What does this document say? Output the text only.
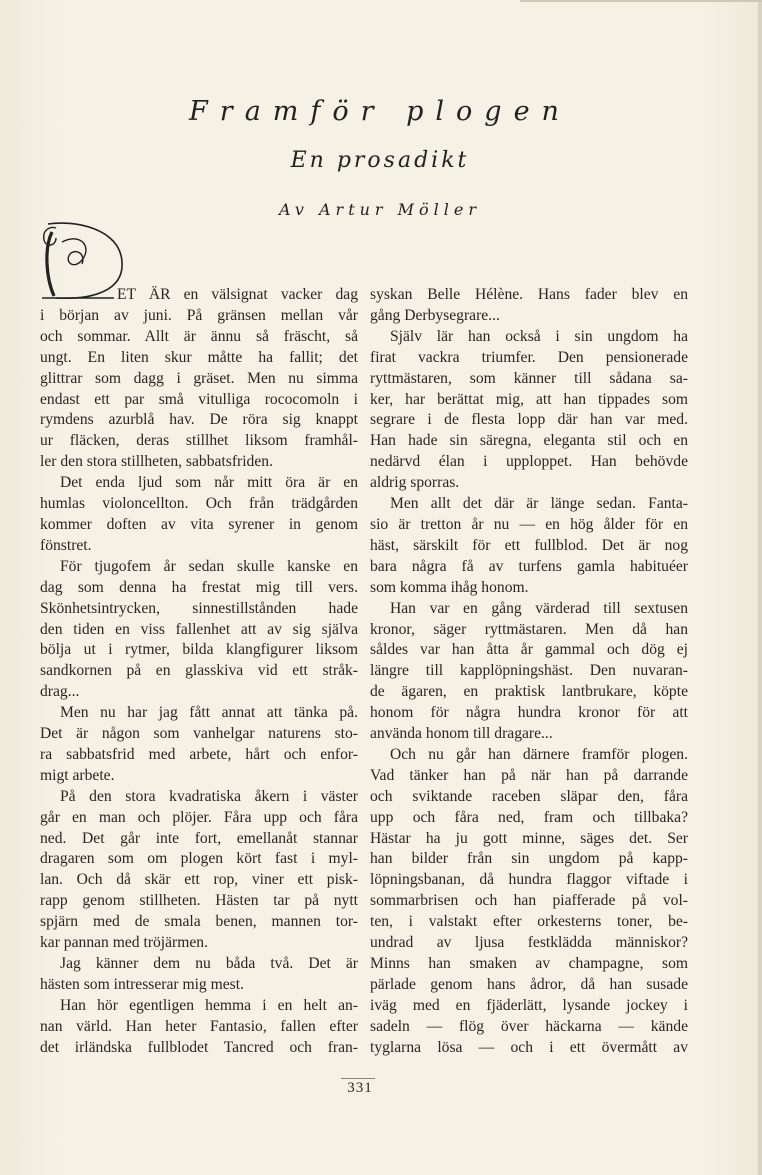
Framför plogen
En prosadikt
Av Artur Möller
ET ÄR en välsignat vacker dag
i början av juni. På gränsen mellan vår
och sommar. Allt är ännu så fräscht, så
ungt. En liten skur måtte ha fallit; det
glittrar som dagg i gräset. Men nu simma
endast ett par små vitulliga rococomoln i
rymdens azurblå hav. De röra sig knappt
ur fläcken, deras stillhet liksom framhål-
ler den stora stillheten, sabbatsfriden.
Det enda ljud som når mitt öra är en
humlas violoncellton. Och från trädgården
kommer doften av vita syrener in genom
fönstret.
För tjugofem år sedan skulle kanske en
dag som denna ha frestat mig till vers.
Skönhetsintrycken, sinnestillstånden hade
den tiden en viss fallenhet att av sig själva
bölja ut i rytmer, bilda klangfigurer liksom
sandkornen på en glasskiva vid ett stråk-
drag...
Men nu har jag fått annat att tänka på.
Det är någon som vanhelgar naturens sto-
ra sabbatsfrid med arbete, hårt och enfor-
migt arbete.
På den stora kvadratiska åkern i väster
går en man och plöjer. Fåra upp och fåra
ned. Det går inte fort, emellanåt stannar
dragaren som om plogen kört fast i myl-
lan. Och då skär ett rop, viner ett pisk-
rapp genom stillheten. Hästen tar på nytt
spjärn med de smala benen, mannen tor-
kar pannan med tröjärmen.
Jag känner dem nu båda två. Det är
hästen som intresserar mig mest.
Han hör egentligen hemma i en helt an-
nan värld. Han heter Fantasio, fallen efter
det irländska fullblodet Tancred och fran-
syskan Belle Hélène. Hans fader blev en
gång Derbysegrare...
Själv lär han också i sin ungdom ha
firat vackra triumfer. Den pensionerade
ryttmästaren, som känner till sådana sa-
ker, har berättat mig, att han tippades som
segrare i de flesta lopp där han var med.
Han hade sin säregna, eleganta stil och en
nedärvd élan i upploppet. Han behövde
aldrig sporras.
Men allt det där är länge sedan. Fanta-
sio är tretton år nu — en hög ålder för en
häst, särskilt för ett fullblod. Det är nog
bara några få av turfens gamla habituéer
som komma ihåg honom.
Han var en gång värderad till sextusen
kronor, säger ryttmästaren. Men då han
såldes var han åtta år gammal och dög ej
längre till kapplöpningshäst. Den nuvaran-
de ägaren, en praktisk lantbrukare, köpte
honom för några hundra kronor för att
använda honom till dragare...
Och nu går han därnere framför plogen.
Vad tänker han på när han på darrande
och sviktande raceben släpar den, fåra
upp och fåra ned, fram och tillbaka?
Hästar ha ju gott minne, säges det. Ser
han bilder från sin ungdom på kapp-
löpningsbanan, då hundra flaggor viftade i
sommarbrisen och han piafferade på vol-
ten, i valstakt efter orkesterns toner, be-
undrad av ljusa festklädda människor?
Minns han smaken av champagne, som
pärlade genom hans ådror, då han susade
iväg med en fjäderlätt, lysande jockey i
sadeln — flög över häckarna — kände
tyglarna lösa — och i ett övermått av
331
